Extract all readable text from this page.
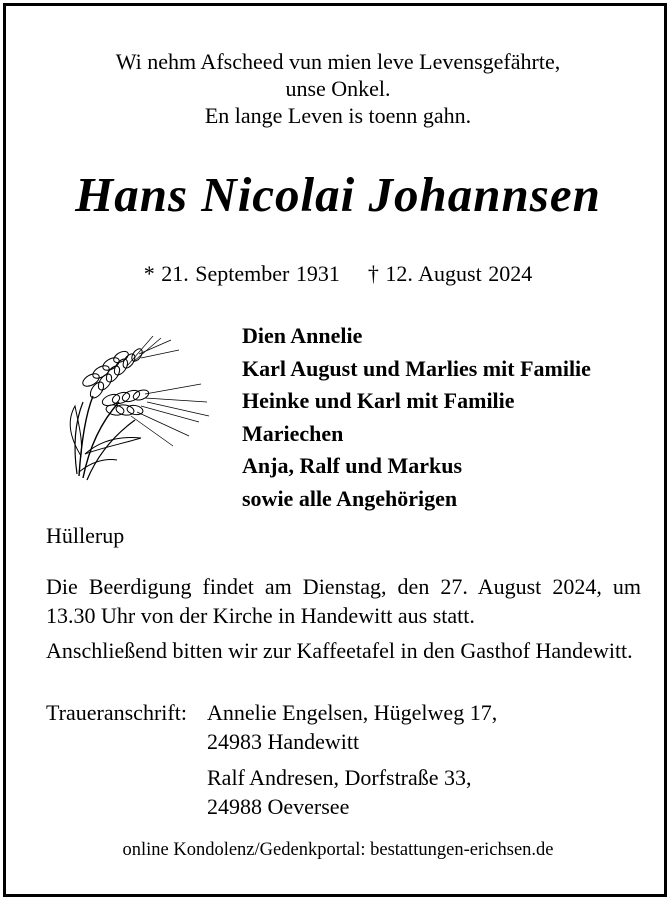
Wi nehm Afscheed vun mien leve Levensgefährte,
unse Onkel.
En lange Leven is toenn gahn.
Hans Nicolai Johannsen
* 21. September 1931 † 12. August 2024
Dien Annelie
Karl August und Marlies mit Familie
Heinke und Karl mit Familie
Mariechen
Anja, Ralf und Markus
sowie alle Angehörigen
Hüllerup

Die Beerdigung findet am Dienstag, den 27. August 2024, um 13.30 Uhr von der Kirche in Handewitt aus statt.

Anschließend bitten wir zur Kaffeetafel in den Gasthof Handewitt.

Traueranschrift: Annelie Engelsen, Hügelweg 17,
24983 Handewitt
Ralf Andresen, Dorfstraße 33,
24988 Oeversee
online Kondolenz/Gedenkportal: bestattungen-erichsen.de
